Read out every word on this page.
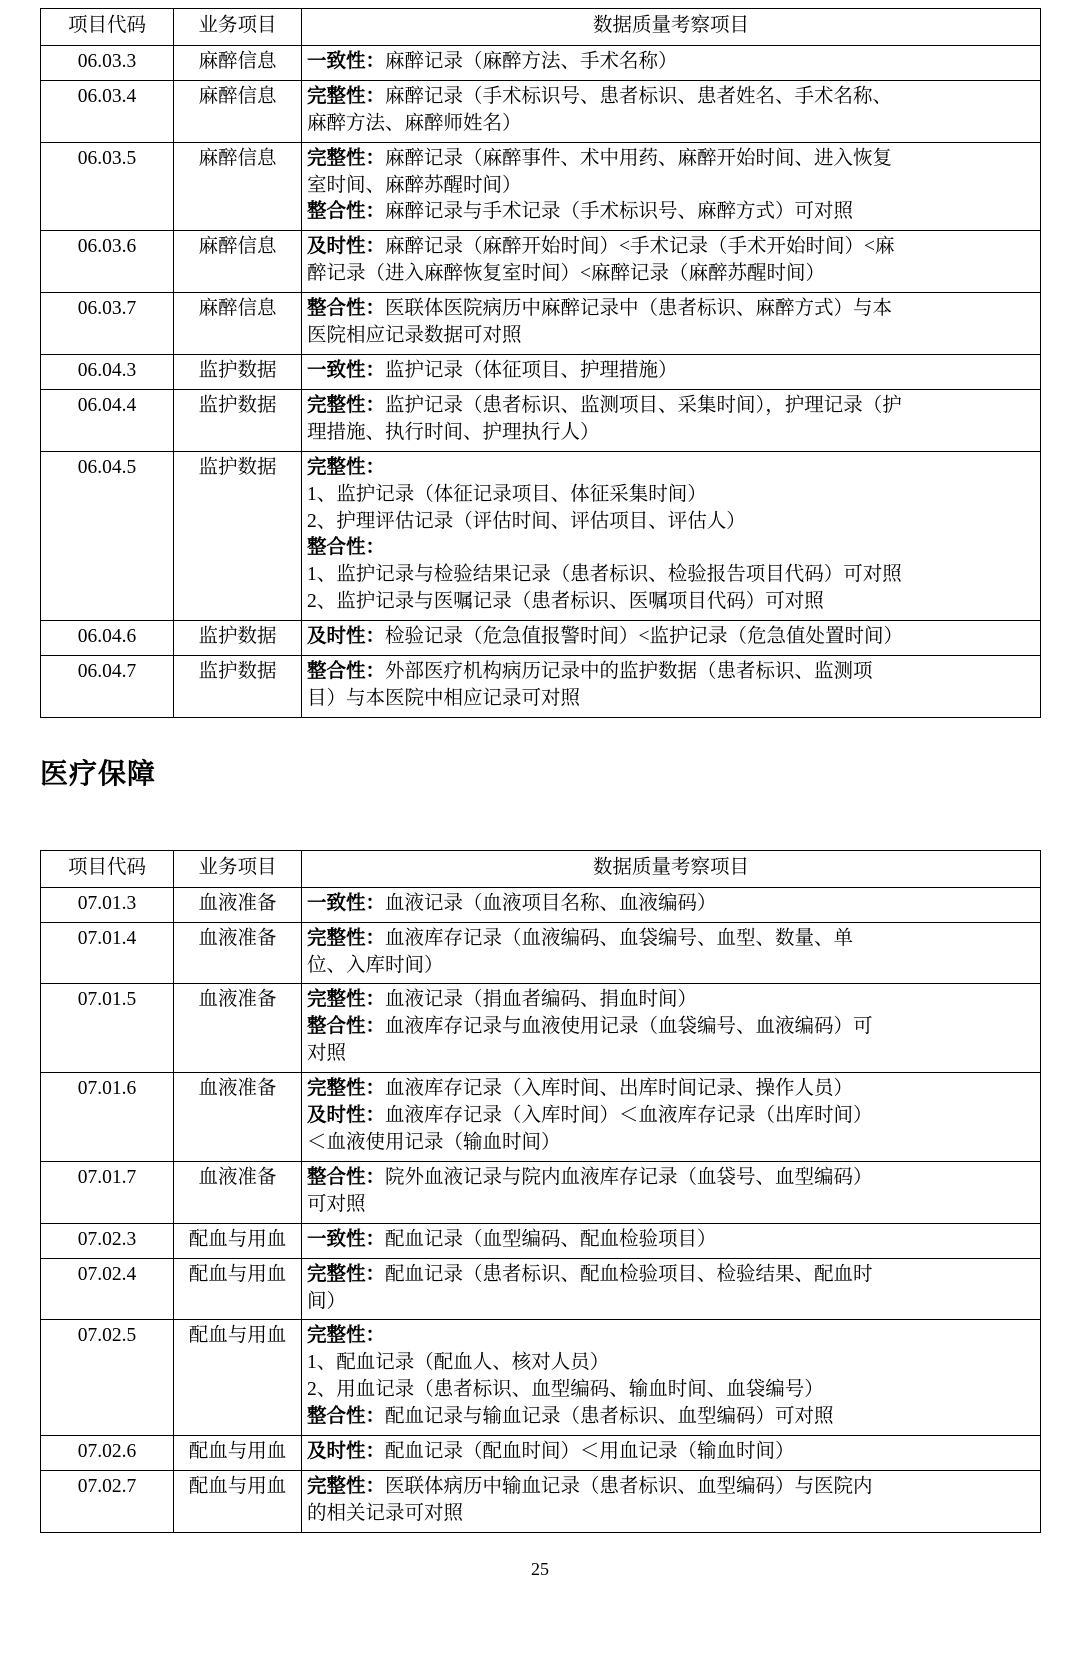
项目代码	业务项目	数据质量考察项目
06.03.3	麻醉信息	一致性：麻醉记录（麻醉方法、手术名称）

06.03.4	麻醉信息	完整性：麻醉记录（手术标识号、患者标识、患者姓名、手术名称、
麻醉方法、麻醉师姓名）

06.03.5	麻醉信息	完整性：麻醉记录（麻醉事件、术中用药、麻醉开始时间、进入恢复
室时间、麻醉苏醒时间）
整合性：麻醉记录与手术记录（手术标识号、麻醉方式）可对照

06.03.6	麻醉信息	及时性：麻醉记录（麻醉开始时间）<手术记录（手术开始时间）<麻
醉记录（进入麻醉恢复室时间）<麻醉记录（麻醉苏醒时间）

06.03.7	麻醉信息	整合性：医联体医院病历中麻醉记录中（患者标识、麻醉方式）与本
医院相应记录数据可对照

06.04.3	监护数据	一致性：监护记录（体征项目、护理措施）

06.04.4	监护数据	完整性：监护记录（患者标识、监测项目、采集时间），护理记录（护
理措施、执行时间、护理执行人）

06.04.5	监护数据	完整性：
1、监护记录（体征记录项目、体征采集时间）
2、护理评估记录（评估时间、评估项目、评估人）
整合性：
1、监护记录与检验结果记录（患者标识、检验报告项目代码）可对照
2、监护记录与医嘱记录（患者标识、医嘱项目代码）可对照

06.04.6	监护数据	及时性：检验记录（危急值报警时间）<监护记录（危急值处置时间）

06.04.7	监护数据	整合性：外部医疗机构病历记录中的监护数据（患者标识、监测项
目）与本医院中相应记录可对照
医疗保障
项目代码	业务项目	数据质量考察项目
07.01.3	血液准备	一致性：血液记录（血液项目名称、血液编码）

07.01.4	血液准备	完整性：血液库存记录（血液编码、血袋编号、血型、数量、单
位、入库时间）

07.01.5	血液准备	完整性：血液记录（捐血者编码、捐血时间）
整合性：血液库存记录与血液使用记录（血袋编号、血液编码）可
对照

07.01.6	血液准备	完整性：血液库存记录（入库时间、出库时间记录、操作人员）
及时性：血液库存记录（入库时间）＜血液库存记录（出库时间）
＜血液使用记录（输血时间）

07.01.7	血液准备	整合性：院外血液记录与院内血液库存记录（血袋号、血型编码）
可对照

07.02.3	配血与用血	一致性：配血记录（血型编码、配血检验项目）

07.02.4	配血与用血	完整性：配血记录（患者标识、配血检验项目、检验结果、配血时
间）

07.02.5	配血与用血	完整性：
1、配血记录（配血人、核对人员）
2、用血记录（患者标识、血型编码、输血时间、血袋编号）
整合性：配血记录与输血记录（患者标识、血型编码）可对照

07.02.6	配血与用血	及时性：配血记录（配血时间）＜用血记录（输血时间）

07.02.7	配血与用血	完整性：医联体病历中输血记录（患者标识、血型编码）与医院内
的相关记录可对照
25
